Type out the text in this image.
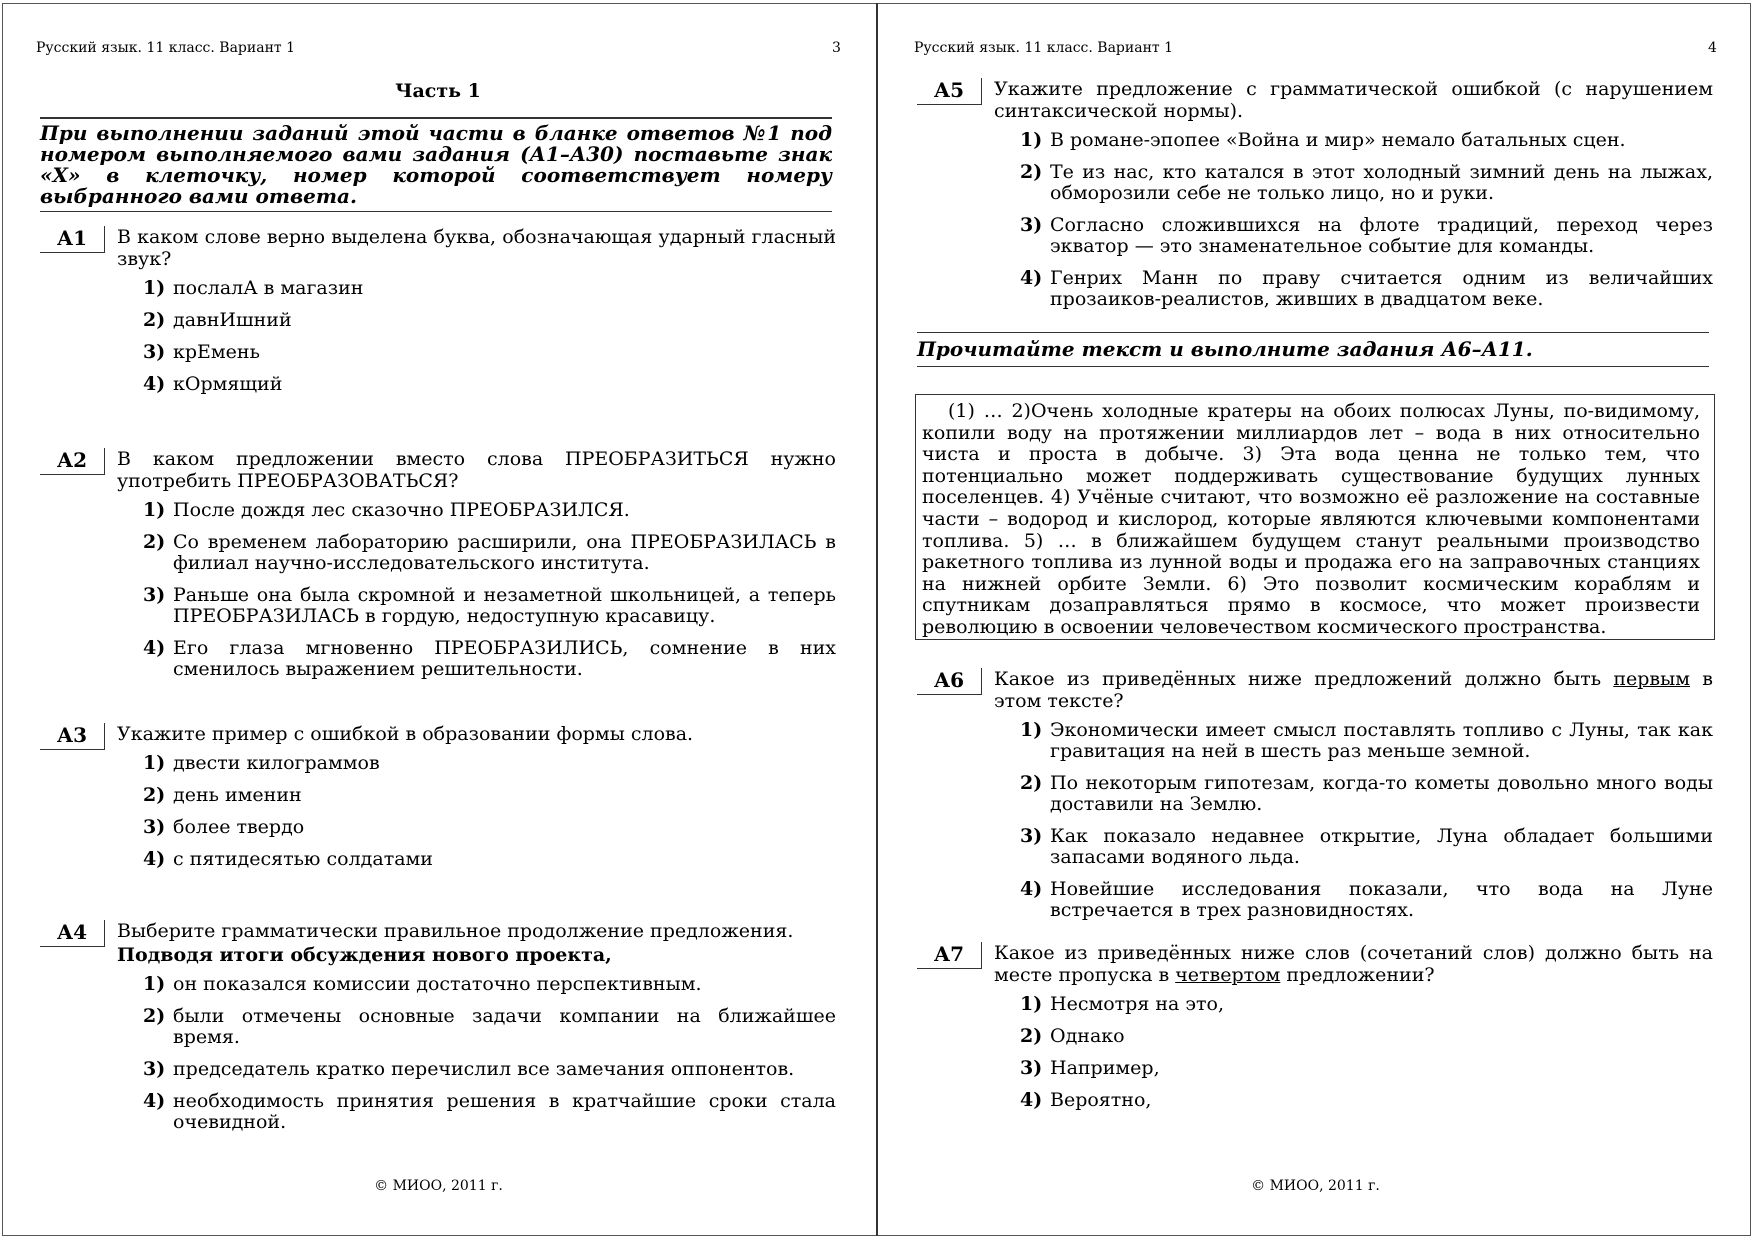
Русский язык. 11 класс. Вариант 1	3
Часть 1
При выполнении заданий этой части в бланке ответов №1 под номером выполняемого вами задания (А1–А30) поставьте знак «Х» в клеточку, номер которой соответствует номеру выбранного вами ответа.
А1	В каком слове верно выделена буква, обозначающая ударный гласный звук?
1) послалА в магазин
2) давнИшний
3) крЕмень
4) кОрмящий
А2	В каком предложении вместо слова ПРЕОБРАЗИТЬСЯ нужно употребить ПРЕОБРАЗОВАТЬСЯ?
1) После дождя лес сказочно ПРЕОБРАЗИЛСЯ.
2) Со временем лабораторию расширили, она ПРЕОБРАЗИЛАСЬ в филиал научно-исследовательского института.
3) Раньше она была скромной и незаметной школьницей, а теперь ПРЕОБРАЗИЛАСЬ в гордую, недоступную красавицу.
4) Его глаза мгновенно ПРЕОБРАЗИЛИСЬ, сомнение в них сменилось выражением решительности.
А3	Укажите пример с ошибкой в образовании формы слова.
1) двести килограммов
2) день именин
3) более твердо
4) с пятидесятью солдатами
А4	Выберите грамматически правильное продолжение предложения.
Подводя итоги обсуждения нового проекта,
1) он показался комиссии достаточно перспективным.
2) были отмечены основные задачи компании на ближайшее время.
3) председатель кратко перечислил все замечания оппонентов.
4) необходимость принятия решения в кратчайшие сроки стала очевидной.
© МИОО, 2011 г.
Русский язык. 11 класс. Вариант 1	4
А5	Укажите предложение с грамматической ошибкой (с нарушением синтаксической нормы).
1) В романе-эпопее «Война и мир» немало батальных сцен.
2) Те из нас, кто катался в этот холодный зимний день на лыжах, обморозили себе не только лицо, но и руки.
3) Согласно сложившихся на флоте традиций, переход через экватор — это знаменательное событие для команды.
4) Генрих Манн по праву считается одним из величайших прозаиков-реалистов, живших в двадцатом веке.
Прочитайте текст и выполните задания А6–А11.
(1) … 2)Очень холодные кратеры на обоих полюсах Луны, по-видимому, копили воду на протяжении миллиардов лет – вода в них относительно чиста и проста в добыче. 3) Эта вода ценна не только тем, что потенциально может поддерживать существование будущих лунных поселенцев. 4) Учёные считают, что возможно её разложение на составные части – водород и кислород, которые являются ключевыми компонентами топлива. 5) … в ближайшем будущем станут реальными производство ракетного топлива из лунной воды и продажа его на заправочных станциях на нижней орбите Земли. 6) Это позволит космическим кораблям и спутникам дозаправляться прямо в космосе, что может произвести революцию в освоении человечеством космического пространства.
А6	Какое из приведённых ниже предложений должно быть первым в этом тексте?
1) Экономически имеет смысл поставлять топливо с Луны, так как гравитация на ней в шесть раз меньше земной.
2) По некоторым гипотезам, когда-то кометы довольно много воды доставили на Землю.
3) Как показало недавнее открытие, Луна обладает большими запасами водяного льда.
4) Новейшие исследования показали, что вода на Луне встречается в трех разновидностях.
А7	Какое из приведённых ниже слов (сочетаний слов) должно быть на месте пропуска в четвертом предложении?
1) Несмотря на это,
2) Однако
3) Например,
4) Вероятно,
© МИОО, 2011 г.
